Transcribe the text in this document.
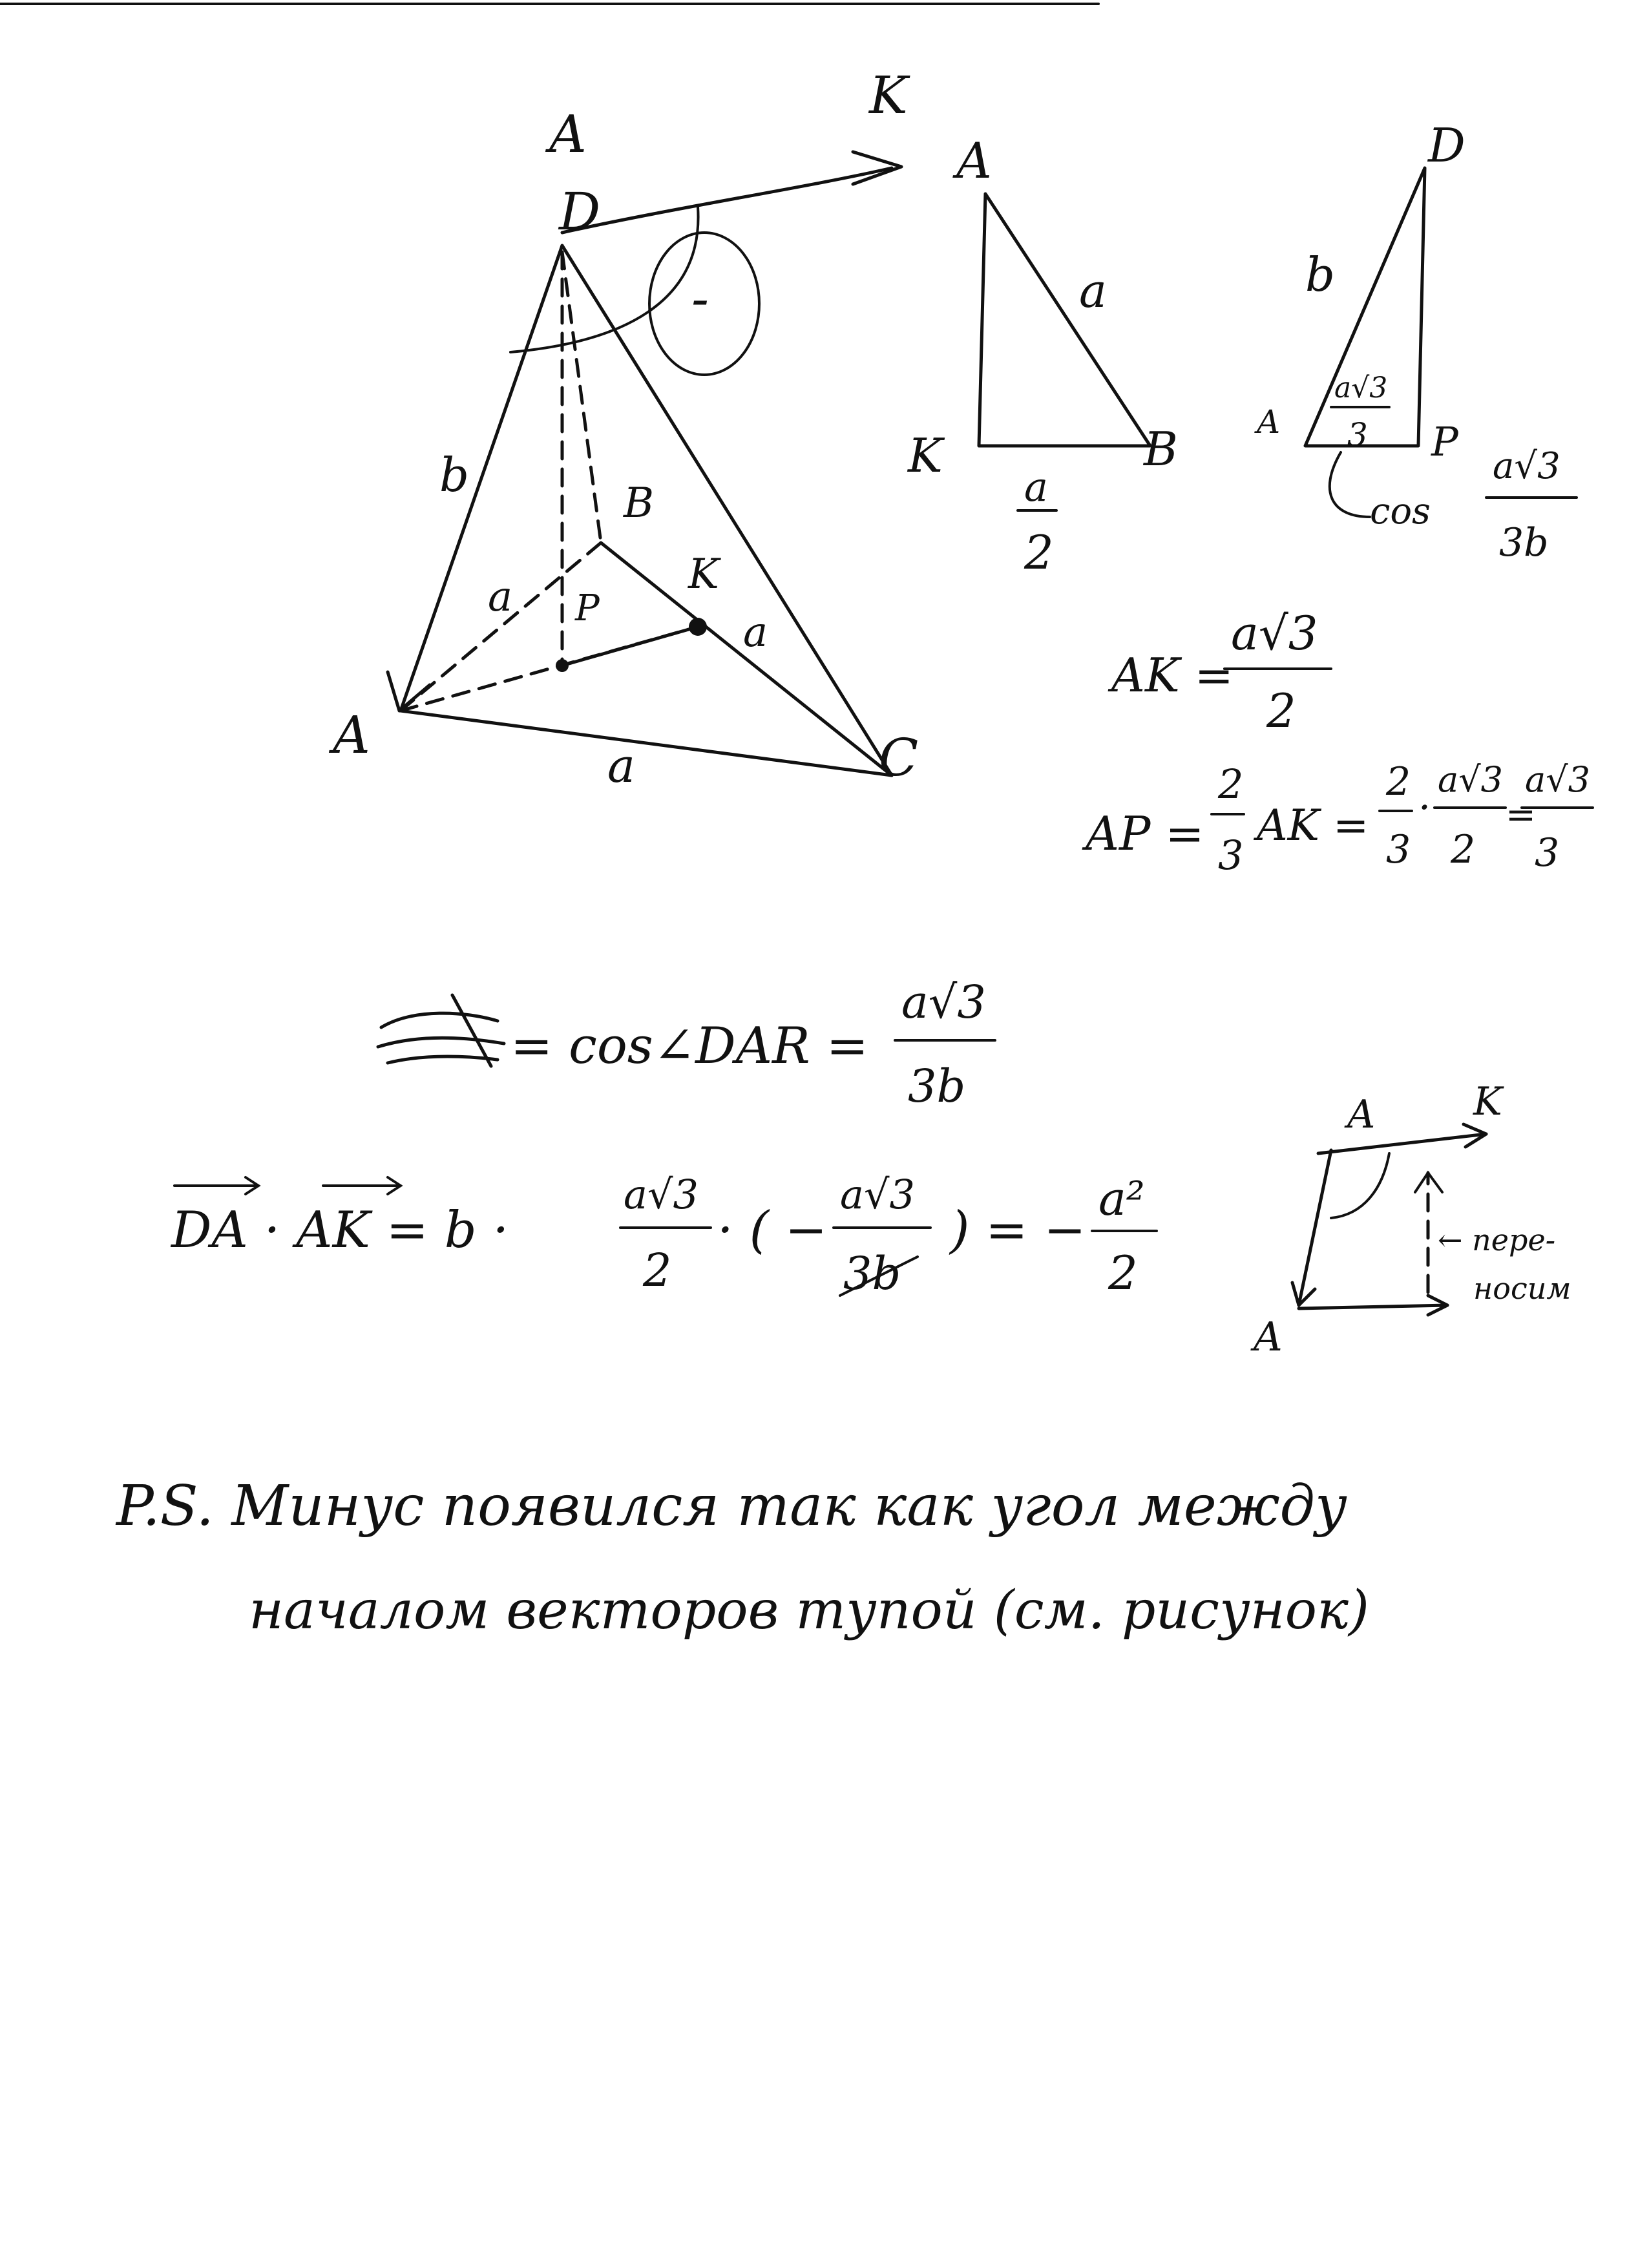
A
D
K
A
B
C
K
P
b
a
a
a
-
A
K	B
a
a
2
D
b
A	P
a√3
3
cos
a√3
3b
AK =
a√3
2
AP =
2
3
AK =
2
3
·
a√3
2
=
a√3
3
= cos∠DAR =
a√3
3b
DA · AK = b ·
a√3
2
· ( −
a√3
3b
) = −
a²
2
A	K
A
← пере-
носим
P.S. Минус появился так как угол между
началом векторов тупой (см. рисунок)
